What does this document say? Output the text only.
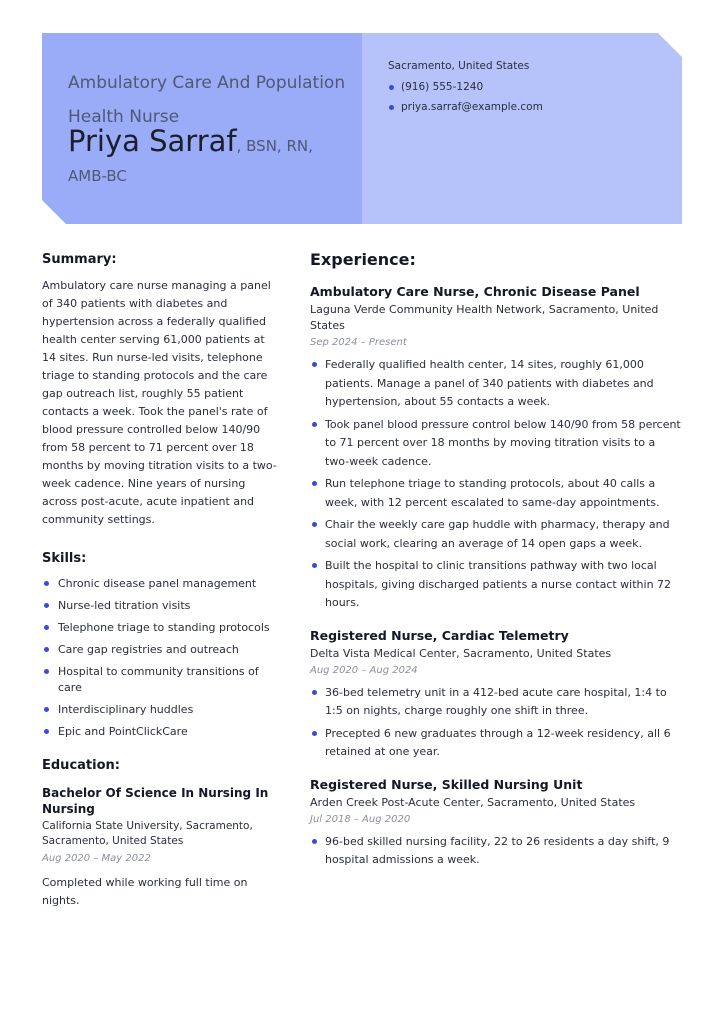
Ambulatory Care And Population Health Nurse
Priya Sarraf, BSN, RN, AMB-BC
Sacramento, United States
(916) 555-1240
priya.sarraf@example.com
Summary:
Ambulatory care nurse managing a panel of 340 patients with diabetes and hypertension across a federally qualified health center serving 61,000 patients at 14 sites. Run nurse-led visits, telephone triage to standing protocols and the care gap outreach list, roughly 55 patient contacts a week. Took the panel's rate of blood pressure controlled below 140/90 from 58 percent to 71 percent over 18 months by moving titration visits to a two-week cadence. Nine years of nursing across post-acute, acute inpatient and community settings.
Skills:
Chronic disease panel management
Nurse-led titration visits
Telephone triage to standing protocols
Care gap registries and outreach
Hospital to community transitions of care
Interdisciplinary huddles
Epic and PointClickCare
Education:
Bachelor Of Science In Nursing In Nursing
California State University, Sacramento, Sacramento, United States
Aug 2020 – May 2022
Completed while working full time on nights.
Experience:
Ambulatory Care Nurse, Chronic Disease Panel
Laguna Verde Community Health Network, Sacramento, United States
Sep 2024 – Present
Federally qualified health center, 14 sites, roughly 61,000 patients. Manage a panel of 340 patients with diabetes and hypertension, about 55 contacts a week.
Took panel blood pressure control below 140/90 from 58 percent to 71 percent over 18 months by moving titration visits to a two-week cadence.
Run telephone triage to standing protocols, about 40 calls a week, with 12 percent escalated to same-day appointments.
Chair the weekly care gap huddle with pharmacy, therapy and social work, clearing an average of 14 open gaps a week.
Built the hospital to clinic transitions pathway with two local hospitals, giving discharged patients a nurse contact within 72 hours.
Registered Nurse, Cardiac Telemetry
Delta Vista Medical Center, Sacramento, United States
Aug 2020 – Aug 2024
36-bed telemetry unit in a 412-bed acute care hospital, 1:4 to 1:5 on nights, charge roughly one shift in three.
Precepted 6 new graduates through a 12-week residency, all 6 retained at one year.
Registered Nurse, Skilled Nursing Unit
Arden Creek Post-Acute Center, Sacramento, United States
Jul 2018 – Aug 2020
96-bed skilled nursing facility, 22 to 26 residents a day shift, 9 hospital admissions a week.
